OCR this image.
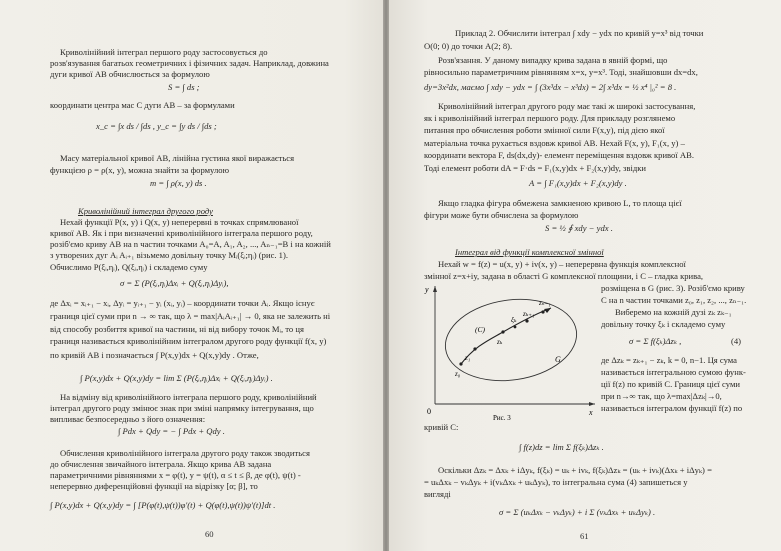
Криволінійний інтеграл першого роду застосовується до
розв'язування багатьох геометричних і фізичних задач. Наприклад, довжина
дуги кривої AB обчислюється за формулою
S = ∫ ds ;
координати центра мас C дуги AB – за формулами
x_c = ∫x ds / ∫ds , y_c = ∫y ds / ∫ds ;
Масу матеріальної кривої AB, лінійна густина якої виражається
функцією ρ = ρ(x, y), можна знайти за формулою
m = ∫ ρ(x, y) ds .
Криволінійний інтеграл другого роду
Нехай функції P(x, y) і Q(x, y) неперервні в точках спрямлюваної
кривої AB. Як і при визначенні криволінійного інтеграла першого роду,
розіб'ємо криву AB на n частин точками A₀=A, A₁, A₂, ..., Aₙ₋₁=B і на кожній
з утворених дуг Aᵢ Aᵢ₊₁ візьмемо довільну точку Mᵢ(ξᵢ;ηᵢ) (рис. 1).
Обчислимо P(ξᵢ,ηᵢ), Q(ξᵢ,ηᵢ) і складемо суму
σ = Σ (P(ξᵢ,ηᵢ)Δxᵢ + Q(ξᵢ,ηᵢ)Δyᵢ),
де Δxᵢ = xᵢ₊₁ − xᵢ, Δyᵢ = yᵢ₊₁ − yᵢ (xᵢ, yᵢ) – координати точки Aᵢ. Якщо існує
границя цієї суми при n → ∞ так, що λ = max|AᵢAᵢ₊₁| → 0, яка не залежить ні
від способу розбиття кривої на частини, ні від вибору точок Mᵢ, то ця
границя називається криволінійним інтегралом другого роду функції f(x, y)
по кривій AB і позначається ∫ P(x,y)dx + Q(x,y)dy . Отже,
∫ P(x,y)dx + Q(x,y)dy = lim Σ (P(ξᵢ,ηᵢ)Δxᵢ + Q(ξᵢ,ηᵢ)Δyᵢ) .
На відміну від криволінійного інтеграла першого роду, криволінійний
інтеграл другого роду змінює знак при зміні напрямку інтегрування, що
випливає безпосередньо з його означення:
∫ Pdx + Qdy = − ∫ Pdx + Qdy .
Обчислення криволінійного інтеграла другого роду також зводиться
до обчислення звичайного інтеграла. Якщо крива AB задана
параметричними рівняннями x = φ(t), y = ψ(t), α ≤ t ≤ β, де φ(t), ψ(t) -
неперервно диференційовні функції на відрізку [α; β], то
∫ P(x,y)dx + Q(x,y)dy = ∫ [P(φ(t),ψ(t))φ'(t) + Q(φ(t),ψ(t))ψ'(t)]dt .
60
Приклад 2. Обчислити інтеграл ∫ xdy − ydx по кривій y=x³ від точки
O(0; 0) до точки A(2; 8).
Розв'язання. У даному випадку крива задана в явній формі, що
рівносильно параметричним рівнянням x=x, y=x³. Тоді, знайшовши dx=dx,
dy=3x²dx, маємо ∫ xdy − ydx = ∫ (3x³dx − x³dx) = 2∫ x³dx = ½ x⁴ |₀² = 8 .
Криволінійний інтеграл другого роду має такі ж широкі застосування,
як і криволінійний інтеграл першого роду. Для прикладу розглянемо
питання про обчислення роботи змінної сили F(x,y), під дією якої
матеріальна точка рухається вздовж кривої AB. Нехай F(x, y), F₁(x, y) –
координати вектора F, ds(dx,dy)- елемент переміщення вздовж кривої AB.
Тоді елемент роботи dA = F·ds = F₁(x,y)dx + F₂(x,y)dy, звідки
A = ∫ F₁(x,y)dx + F₂(x,y)dy .
Якщо гладка фігура обмежена замкненою кривою L, то площа цієї
фігури може бути обчислена за формулою
S = ½ ∮ xdy − ydx .
Інтеграл від функції комплексної змінної
Нехай w = f(z) = u(x, y) + iv(x, y) – неперервна функція комплексної
змінної z=x+iy, задана в області G комплексної площини, і C – гладка крива,
розміщена в G (рис. 3). Розіб'ємо криву
C на n частин точками z₀, z₁, z₂, ..., zₙ₋₁.
Виберемо на кожній дузі zₖ zₖ₋₁
довільну точку ξₖ і складемо суму
σ = Σ f(ξₖ)Δzₖ ,	(4)
де Δzₖ = zₖ₊₁ − zₖ, k = 0, n−1. Ця сума
називається інтегральною сумою функ-
ції f(z) по кривій C. Границя цієї суми
при n→∞ так, що λ=max|Δzₖ|→0,
називається інтегралом функції f(z) по
кривій C:
∫ f(z)dz = lim Σ f(ξₖ)Δzₖ .
Оскільки Δzₖ = Δxₖ + iΔyₖ, f(ξₖ) = uₖ + ivₖ, f(ξₖ)Δzₖ = (uₖ + ivₖ)(Δxₖ + iΔyₖ) =
= uₖΔxₖ − vₖΔyₖ + i(vₖΔxₖ + uₖΔyₖ), то інтегральна сума (4) запишеться у
вигляді
σ = Σ (uₖΔxₖ − vₖΔyₖ) + i Σ (vₖΔxₖ + uₖΔyₖ) .
61
y
x
0
(C)
G
z₀
z₁
zₖ
zₖ₊₁
ξₖ
zₙ₋₁
Рис. 3
